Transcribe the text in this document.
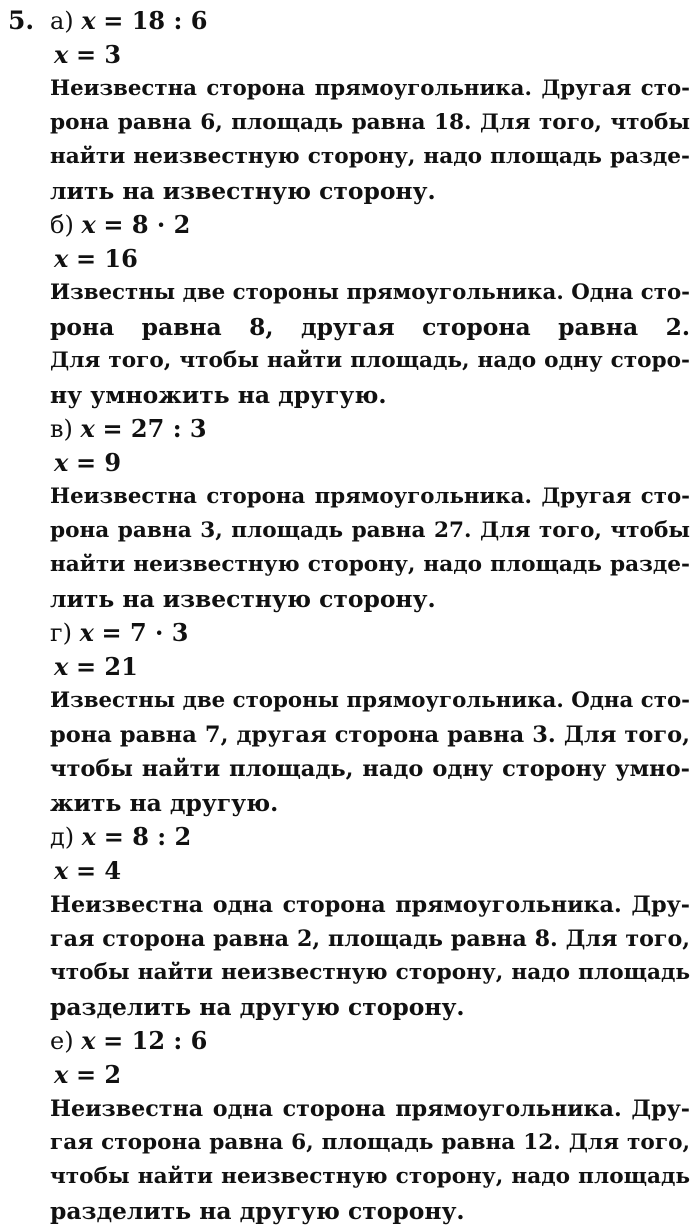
5. а) x = 18 : 6
x = 3
Неизвестна сторона прямоугольника. Другая сто-
рона равна 6, площадь равна 18. Для того, чтобы
найти неизвестную сторону, надо площадь разде-
лить на известную сторону.
б) x = 8 · 2
x = 16
Известны две стороны прямоугольника. Одна сто-
рона равна 8, другая сторона равна 2.
Для того, чтобы найти площадь, надо одну сторо-
ну умножить на другую.
в) x = 27 : 3
x = 9
Неизвестна сторона прямоугольника. Другая сто-
рона равна 3, площадь равна 27. Для того, чтобы
найти неизвестную сторону, надо площадь разде-
лить на известную сторону.
г) x = 7 · 3
x = 21
Известны две стороны прямоугольника. Одна сто-
рона равна 7, другая сторона равна 3. Для того,
чтобы найти площадь, надо одну сторону умно-
жить на другую.
д) x = 8 : 2
x = 4
Неизвестна одна сторона прямоугольника. Дру-
гая сторона равна 2, площадь равна 8. Для того,
чтобы найти неизвестную сторону, надо площадь
разделить на другую сторону.
е) x = 12 : 6
x = 2
Неизвестна одна сторона прямоугольника. Дру-
гая сторона равна 6, площадь равна 12. Для того,
чтобы найти неизвестную сторону, надо площадь
разделить на другую сторону.
